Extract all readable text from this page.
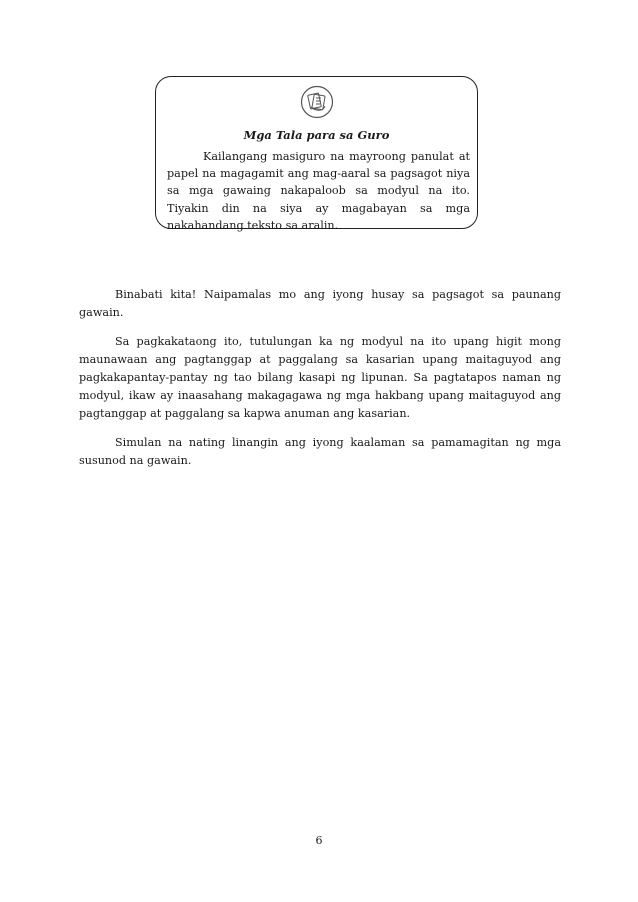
Mga Tala para sa Guro

Kailangang masiguro na mayroong panulat at papel na magagamit ang mag-aaral sa pagsagot niya sa mga gawaing nakapaloob sa modyul na ito. Tiyakin din na siya ay magabayan sa mga nakahandang teksto sa aralin.

Binabati kita! Naipamalas mo ang iyong husay sa pagsagot sa paunang gawain.

Sa pagkakataong ito, tutulungan ka ng modyul na ito upang higit mong maunawaan ang pagtanggap at paggalang sa kasarian upang maitaguyod ang pagkakapantay-pantay ng tao bilang kasapi ng lipunan. Sa pagtatapos naman ng modyul, ikaw ay inaasahang makagagawa ng mga hakbang upang maitaguyod ang pagtanggap at paggalang sa kapwa anuman ang kasarian.

Simulan na nating linangin ang iyong kaalaman sa pamamagitan ng mga susunod na gawain.

6
